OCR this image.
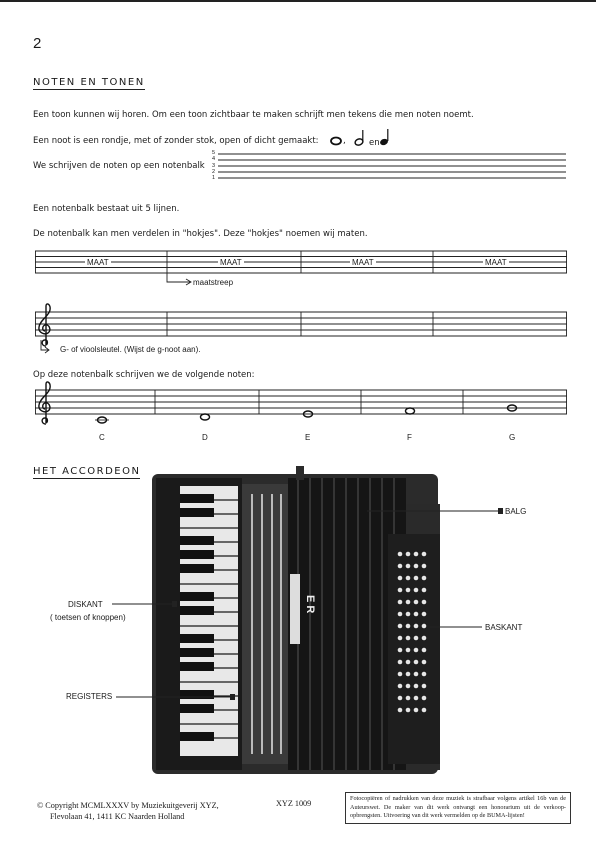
2
NOTEN EN TONEN
Een toon kunnen wij horen. Om een toon zichtbaar te maken schrijft men tekens die men noten noemt.
Een noot is een rondje, met of zonder stok, open of dicht gemaakt:	,	en
We schrijven de noten op een notenbalk
5
4
3
2
1
Een notenbalk bestaat uit 5 lijnen.
De notenbalk kan men verdelen in "hokjes". Deze "hokjes" noemen wij maten.
MAAT	MAAT	MAAT	MAAT
maatstreep
G- of vioolsleutel. (Wijst de g-noot aan).
Op deze notenbalk schrijven we de volgende noten:
C	D	E	F	G
HET ACCORDEON
E R
BALG
DISKANT
( toetsen of knoppen)
BASKANT
REGISTERS
© Copyright MCMLXXXV by Muziekuitgeverij XYZ,
Flevolaan 41, 1411 KC Naarden Holland
XYZ 1009
Fotocopiëren of nadrukken van deze muziek is strafbaar volgens artikel 16b van de Auteurswet. De maker van dit werk ontvangt een honorarium uit de verkoop-opbrengsten. Uitvoering van dit werk vermelden op de BUMA-lijsten!
